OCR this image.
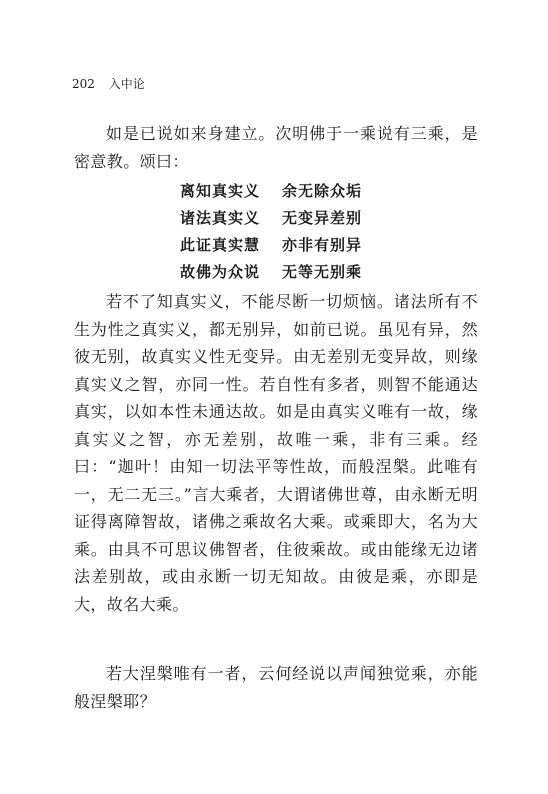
202 入中论

如是已说如来身建立。次明佛于一乘说有三乘，是密意教。颂曰：

离知真实义 余无除众垢
诸法真实义 无变异差别
此证真实慧 亦非有别异
故佛为众说 无等无别乘

若不了知真实义，不能尽断一切烦恼。诸法所有不生为性之真实义，都无别异，如前已说。虽见有异，然彼无别，故真实义性无变异。由无差别无变异故，则缘真实义之智，亦同一性。若自性有多者，则智不能通达真实，以如本性未通达故。如是由真实义唯有一故，缘真实义之智，亦无差别，故唯一乘，非有三乘。经曰：“迦叶！由知一切法平等性故，而般涅槃。此唯有一，无二无三。”言大乘者，大谓诸佛世尊，由永断无明证得离障智故，诸佛之乘故名大乘。或乘即大，名为大乘。由具不可思议佛智者，住彼乘故。或由能缘无边诸法差别故，或由永断一切无知故。由彼是乘，亦即是大，故名大乘。

若大涅槃唯有一者，云何经说以声闻独觉乘，亦能般涅槃耶？
